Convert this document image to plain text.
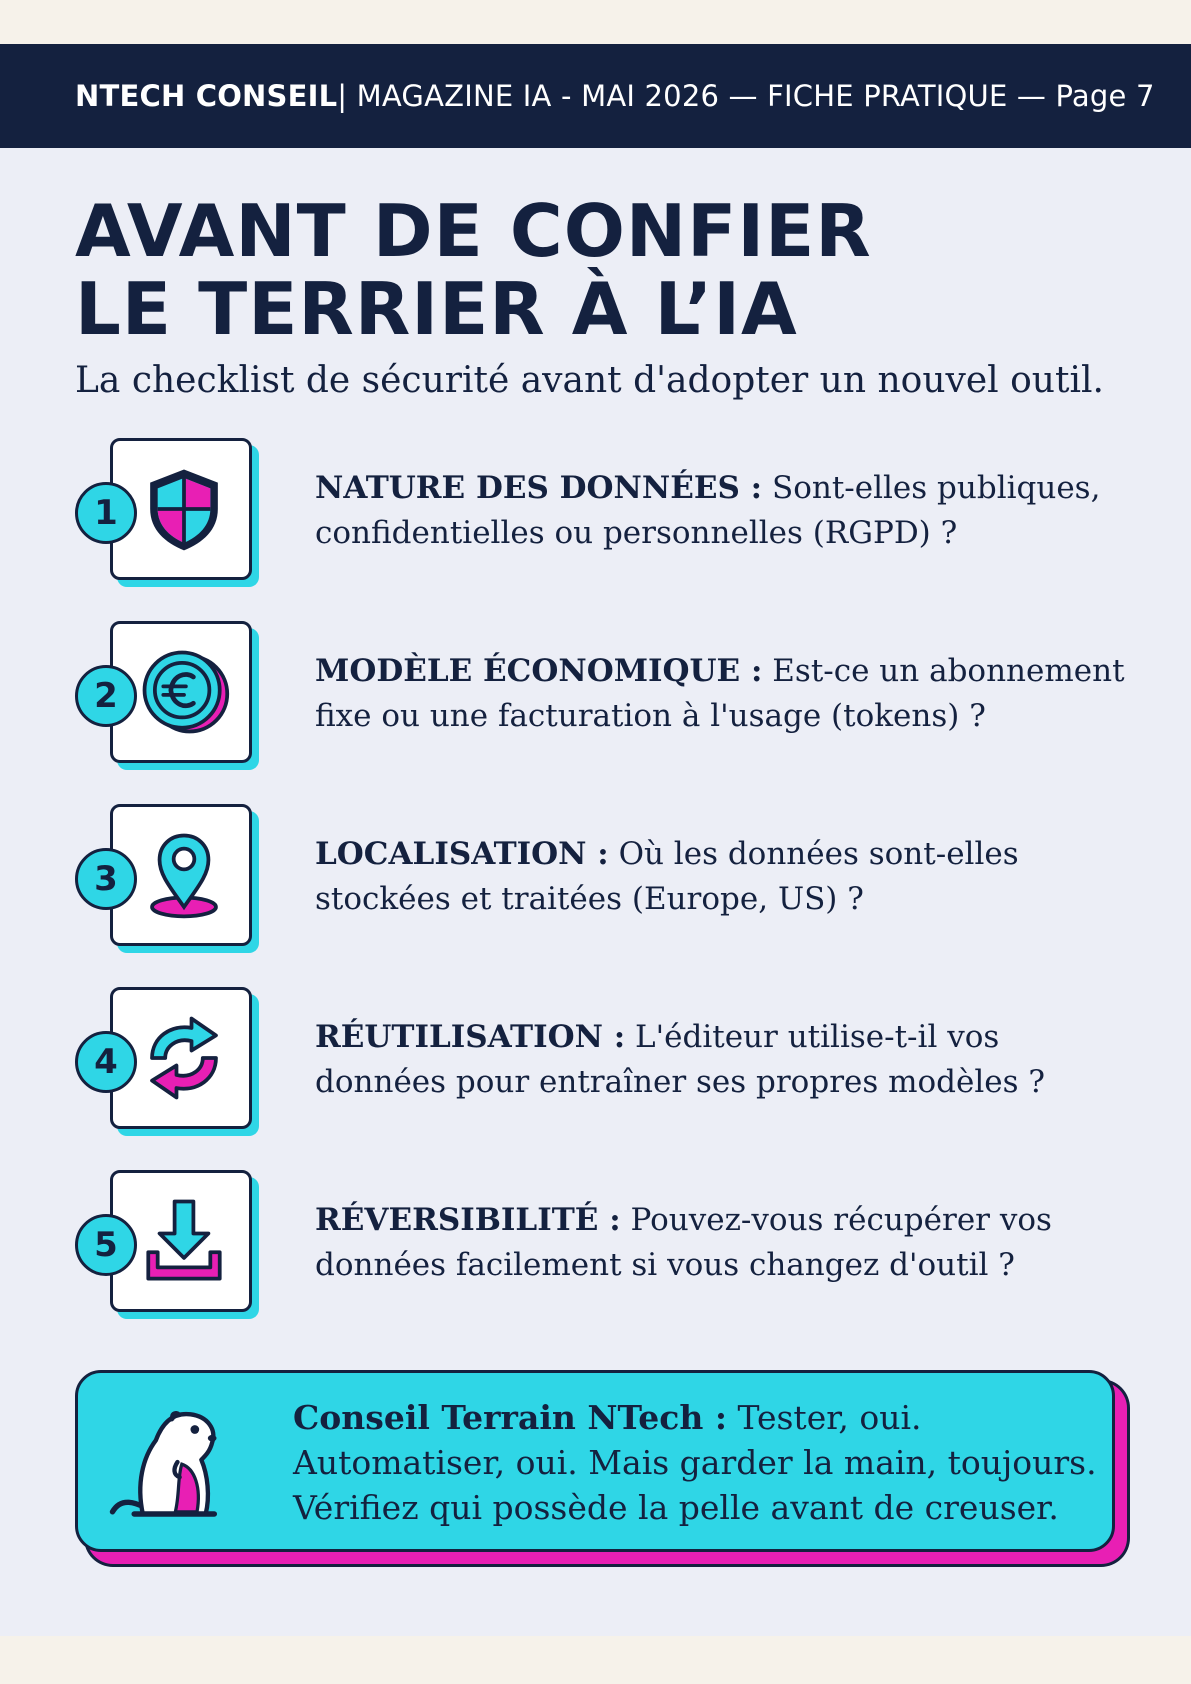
NTECH CONSEIL | MAGAZINE IA - MAI 2026 — FICHE PRATIQUE — Page 7
AVANT DE CONFIER
LE TERRIER À L’IA
La checklist de sécurité avant d'adopter un nouvel outil.
1
NATURE DES DONNÉES : Sont-elles publiques, confidentielles ou personnelles (RGPD) ?
2
MODÈLE ÉCONOMIQUE : Est-ce un abonnement fixe ou une facturation à l'usage (tokens) ?
3
LOCALISATION : Où les données sont-elles stockées et traitées (Europe, US) ?
4
RÉUTILISATION : L'éditeur utilise-t-il vos données pour entraîner ses propres modèles ?
5
RÉVERSIBILITÉ : Pouvez-vous récupérer vos données facilement si vous changez d'outil ?
Conseil Terrain NTech : Tester, oui. Automatiser, oui. Mais garder la main, toujours. Vérifiez qui possède la pelle avant de creuser.
